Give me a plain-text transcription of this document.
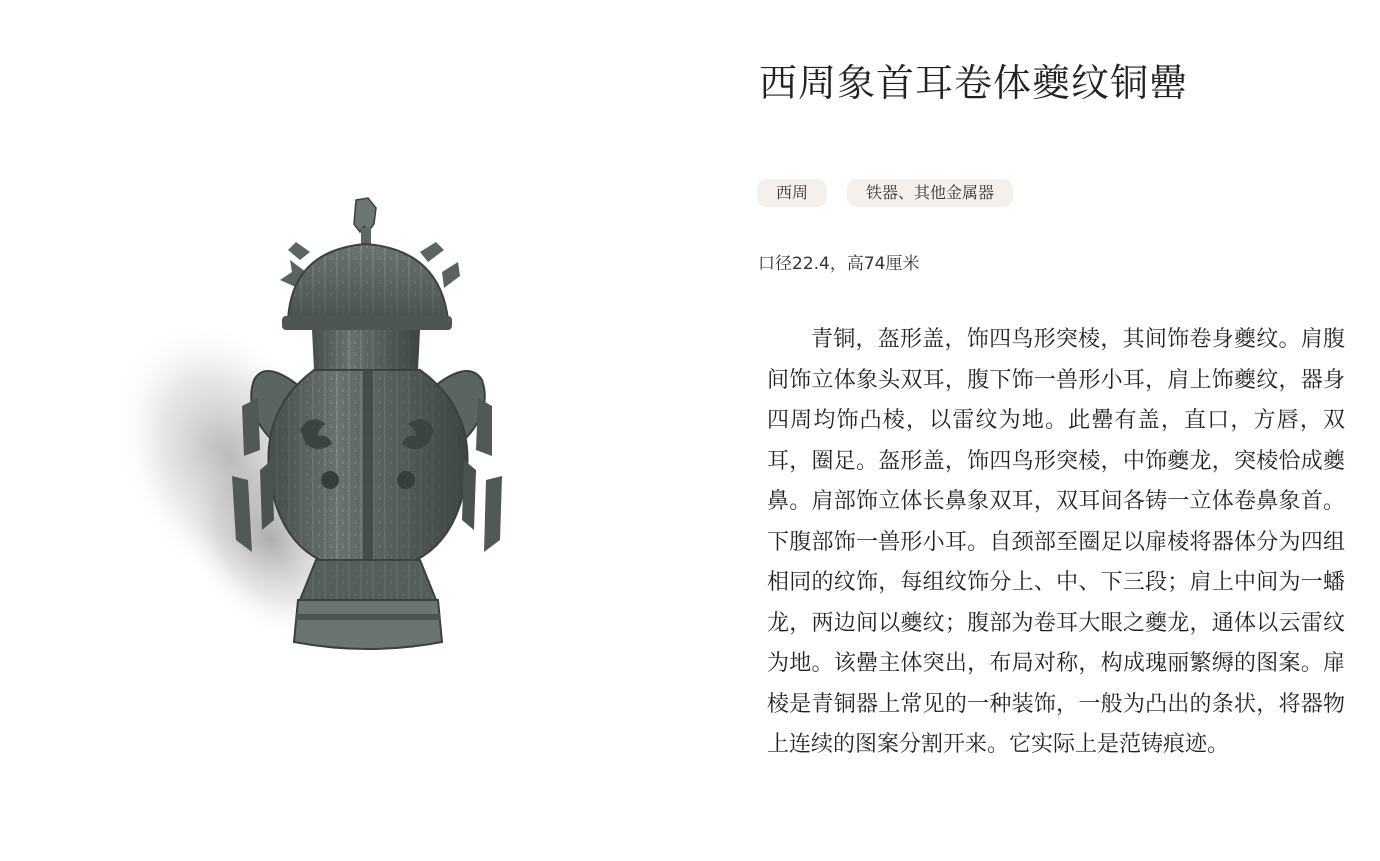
西周象首耳卷体夔纹铜罍
西周	铁器、其他金属器
口径22.4，高74厘米

青铜，盔形盖，饰四鸟形突棱，其间饰卷身夔纹。肩腹间饰立体象头双耳，腹下饰一兽形小耳，肩上饰夔纹，器身四周均饰凸棱，以雷纹为地。此罍有盖，直口，方唇，双耳，圈足。盔形盖，饰四鸟形突棱，中饰夔龙，突棱恰成夔鼻。肩部饰立体长鼻象双耳，双耳间各铸一立体卷鼻象首。下腹部饰一兽形小耳。自颈部至圈足以扉棱将器体分为四组相同的纹饰，每组纹饰分上、中、下三段；肩上中间为一蟠龙，两边间以夔纹；腹部为卷耳大眼之夔龙，通体以云雷纹为地。该罍主体突出，布局对称，构成瑰丽繁缛的图案。扉棱是青铜器上常见的一种装饰，一般为凸出的条状，将器物上连续的图案分割开来。它实际上是范铸痕迹。
